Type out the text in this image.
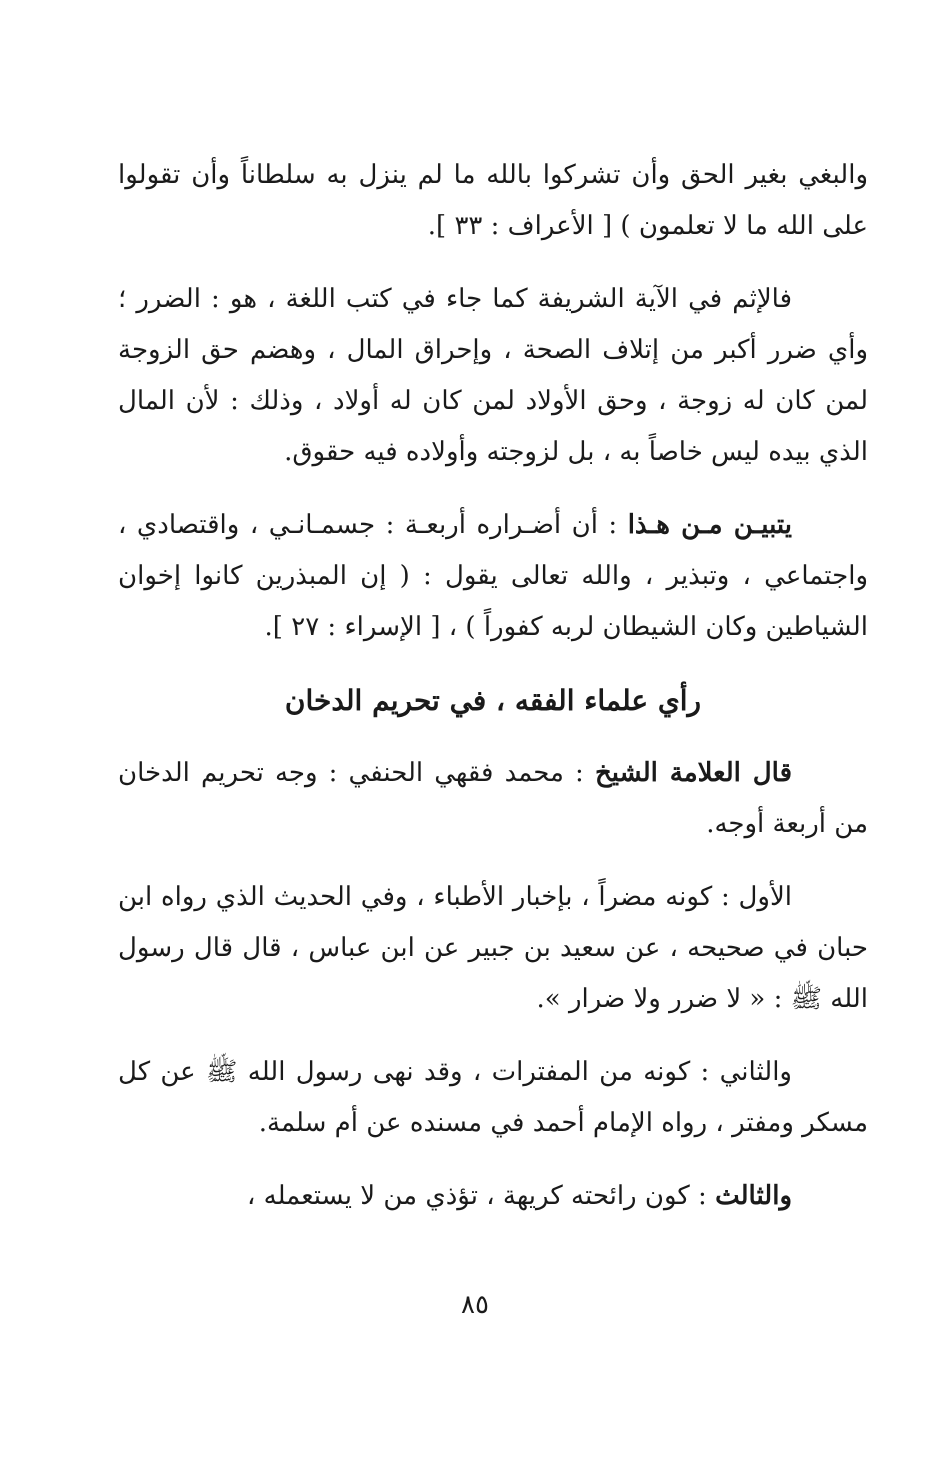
والبغي بغير الحق وأن تشركوا بالله ما لم ينزل به سلطاناً وأن تقولوا على الله ما لا تعلمون ) [ الأعراف : ٣٣ ].

فالإثم في الآية الشريفة كما جاء في كتب اللغة ، هو : الضرر ؛ وأي ضرر أكبر من إتلاف الصحة ، وإحراق المال ، وهضم حق الزوجة لمن كان له زوجة ، وحق الأولاد لمن كان له أولاد ، وذلك : لأن المال الذي بيده ليس خاصاً به ، بل لزوجته وأولاده فيه حقوق.

يتبيـن مـن هـذا : أن أضـراره أربعـة : جسمـانـي ، واقتصادي ، واجتماعي ، وتبذير ، والله تعالى يقول : ( إن المبذرين كانوا إخوان الشياطين وكان الشيطان لربه كفوراً ) ، [ الإسراء : ٢٧ ].

رأي علماء الفقه ، في تحريم الدخان

قال العلامة الشيخ : محمد فقهي الحنفي : وجه تحريم الدخان من أربعة أوجه.

الأول : كونه مضراً ، بإخبار الأطباء ، وفي الحديث الذي رواه ابن حبان في صحيحه ، عن سعيد بن جبير عن ابن عباس ، قال قال رسول الله ﷺ : « لا ضرر ولا ضرار ».

والثاني : كونه من المفترات ، وقد نهى رسول الله ﷺ عن كل مسكر ومفتر ، رواه الإمام أحمد في مسنده عن أم سلمة.

والثالث : كون رائحته كريهة ، تؤذي من لا يستعمله ،

٨٥
